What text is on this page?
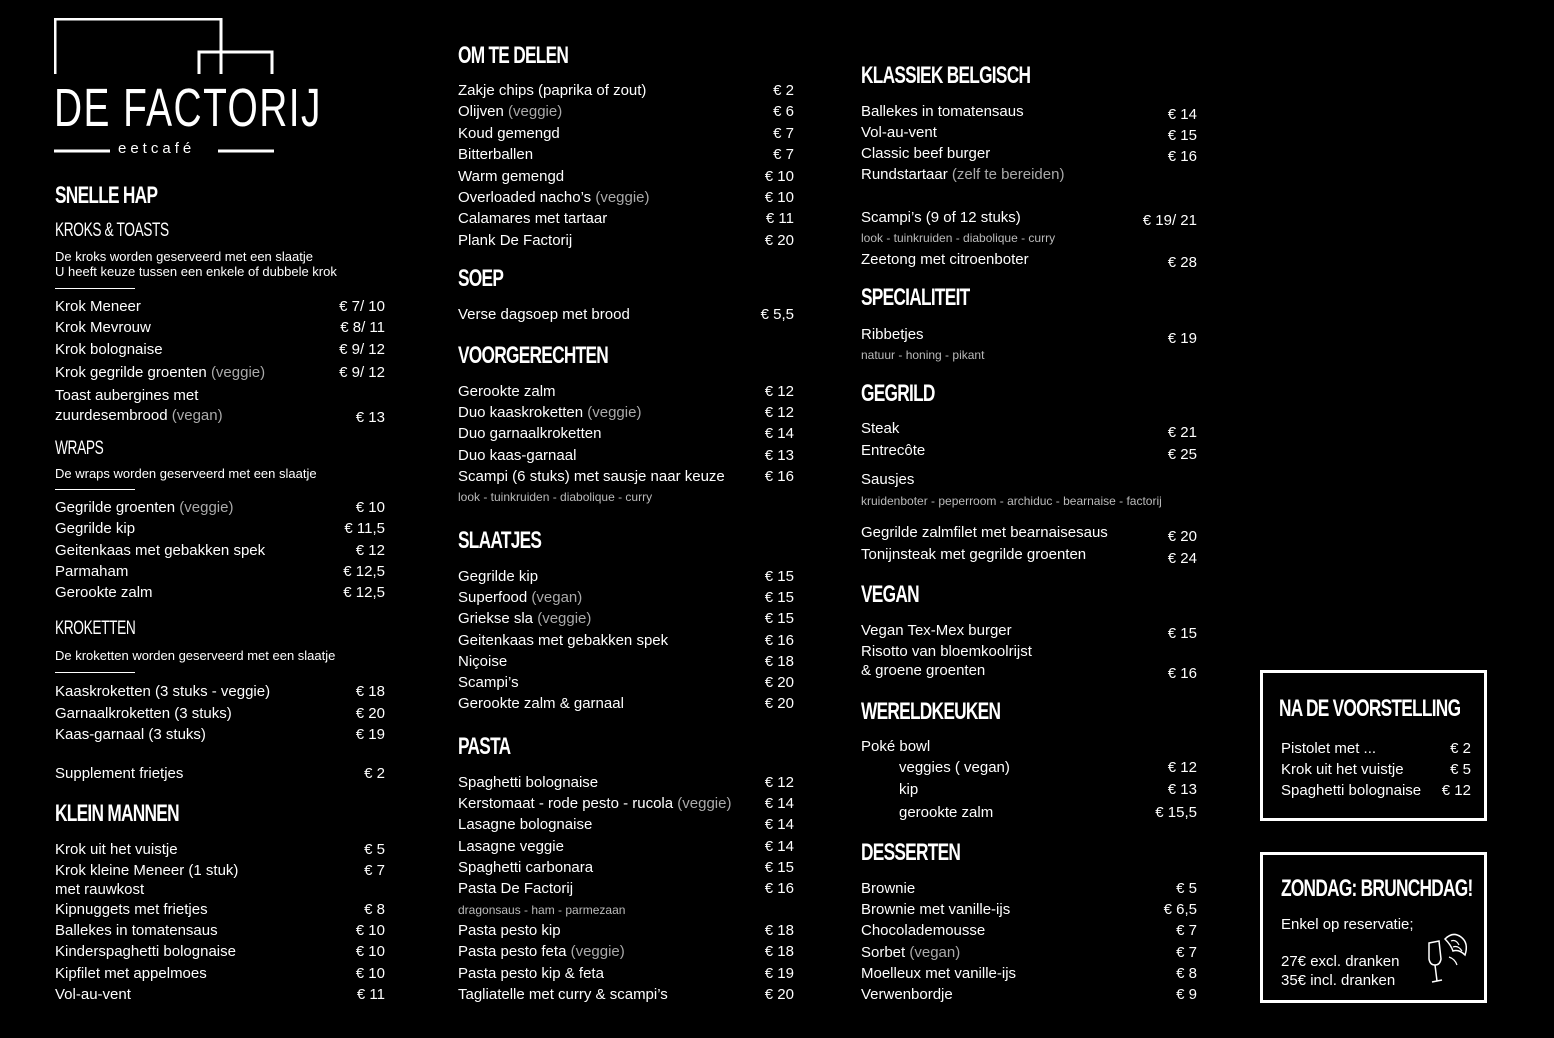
DE FACTORIJ
eetcafé
SNELLE HAP
KROKS & TOASTS
De kroks worden geserveerd met een slaatje
U heeft keuze tussen een enkele of dubbele krok
Krok Meneer	€ 7/ 10
Krok Mevrouw	€ 8/ 11
Krok bolognaise	€ 9/ 12
Krok gegrilde groenten (veggie)	€ 9/ 12
Toast aubergines met
zuurdesembrood (vegan)	€ 13
WRAPS
De wraps worden geserveerd met een slaatje
Gegrilde groenten (veggie)	€ 10
Gegrilde kip	€ 11,5
Geitenkaas met gebakken spek	€ 12
Parmaham	€ 12,5
Gerookte zalm	€ 12,5
KROKETTEN
De kroketten worden geserveerd met een slaatje
Kaaskroketten (3 stuks - veggie)	€ 18
Garnaalkroketten (3 stuks)	€ 20
Kaas-garnaal (3 stuks)	€ 19
Supplement frietjes	€ 2
KLEIN MANNEN
Krok uit het vuistje	€ 5
Krok kleine Meneer (1 stuk)	€ 7
met rauwkost
Kipnuggets met frietjes	€ 8
Ballekes in tomatensaus	€ 10
Kinderspaghetti bolognaise	€ 10
Kipfilet met appelmoes	€ 10
Vol-au-vent	€ 11
OM TE DELEN
Zakje chips (paprika of zout)	€ 2
Olijven (veggie)	€ 6
Koud gemengd	€ 7
Bitterballen	€ 7
Warm gemengd	€ 10
Overloaded nacho’s (veggie)	€ 10
Calamares met tartaar	€ 11
Plank De Factorij	€ 20
SOEP
Verse dagsoep met brood	€ 5,5
VOORGERECHTEN
Gerookte zalm	€ 12
Duo kaaskroketten (veggie)	€ 12
Duo garnaalkroketten	€ 14
Duo kaas-garnaal	€ 13
Scampi (6 stuks) met sausje naar keuze	€ 16
look - tuinkruiden - diabolique - curry
SLAATJES
Gegrilde kip	€ 15
Superfood (vegan)	€ 15
Griekse sla (veggie)	€ 15
Geitenkaas met gebakken spek	€ 16
Niçoise	€ 18
Scampi’s	€ 20
Gerookte zalm & garnaal	€ 20
PASTA
Spaghetti bolognaise	€ 12
Kerstomaat - rode pesto - rucola (veggie) € 14
Lasagne bolognaise	€ 14
Lasagne veggie	€ 14
Spaghetti carbonara	€ 15
Pasta De Factorij	€ 16
dragonsaus - ham - parmezaan
Pasta pesto kip	€ 18
Pasta pesto feta (veggie)	€ 18
Pasta pesto kip & feta	€ 19
Tagliatelle met curry & scampi’s	€ 20
KLASSIEK BELGISCH
Ballekes in tomatensaus	€ 14
Vol-au-vent	€ 15
Classic beef burger	€ 16
Rundstartaar (zelf te bereiden)
Scampi’s (9 of 12 stuks)	€ 19/ 21
look - tuinkruiden - diabolique - curry
Zeetong met citroenboter	€ 28
SPECIALITEIT
Ribbetjes	€ 19
natuur - honing - pikant
GEGRILD
Steak	€ 21
Entrecôte	€ 25
Sausjes
kruidenboter - peperroom - archiduc - bearnaise - factorij
Gegrilde zalmfilet met bearnaisesaus	€ 20
Tonijnsteak met gegrilde groenten	€ 24
VEGAN
Vegan Tex-Mex burger	€ 15
Risotto van bloemkoolrijst
& groene groenten	€ 16
WERELDKEUKEN
Poké bowl
veggies ( vegan)	€ 12
kip	€ 13
gerookte zalm	€ 15,5
DESSERTEN
Brownie	€ 5
Brownie met vanille-ijs	€ 6,5
Chocolademousse	€ 7
Sorbet (vegan)	€ 7
Moelleux met vanille-ijs	€ 8
Verwenbordje	€ 9
NA DE VOORSTELLING
Pistolet met ...	€ 2
Krok uit het vuistje	€ 5
Spaghetti bolognaise € 12
ZONDAG: BRUNCHDAG!
Enkel op reservatie;
27€ excl. dranken
35€ incl. dranken
